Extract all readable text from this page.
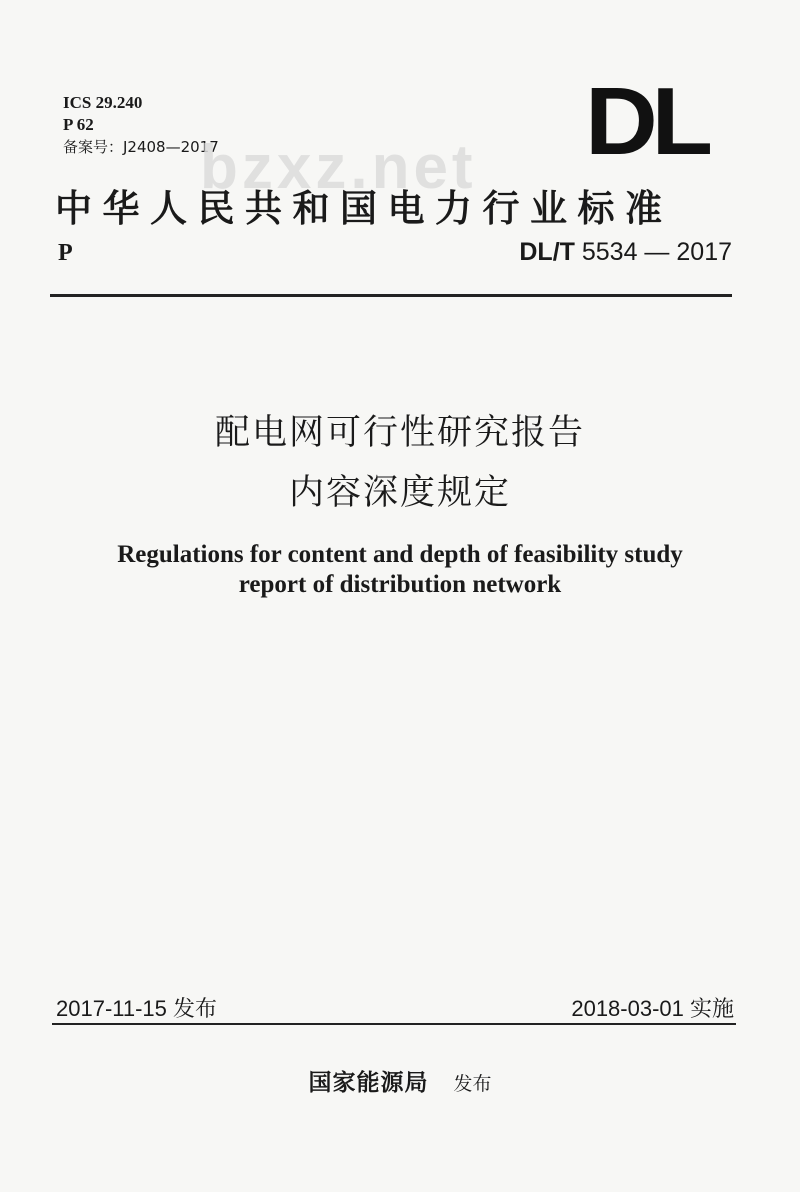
ICS 29.240
P 62
备案号：J2408—2017	DL
bzxz.net
中华人民共和国电力行业标准
P	DL/T 5534 — 2017
配电网可行性研究报告
内容深度规定
Regulations for content and depth of feasibility study
report of distribution network
2017-11-15 发布	2018-03-01 实施
国家能源局 发布
